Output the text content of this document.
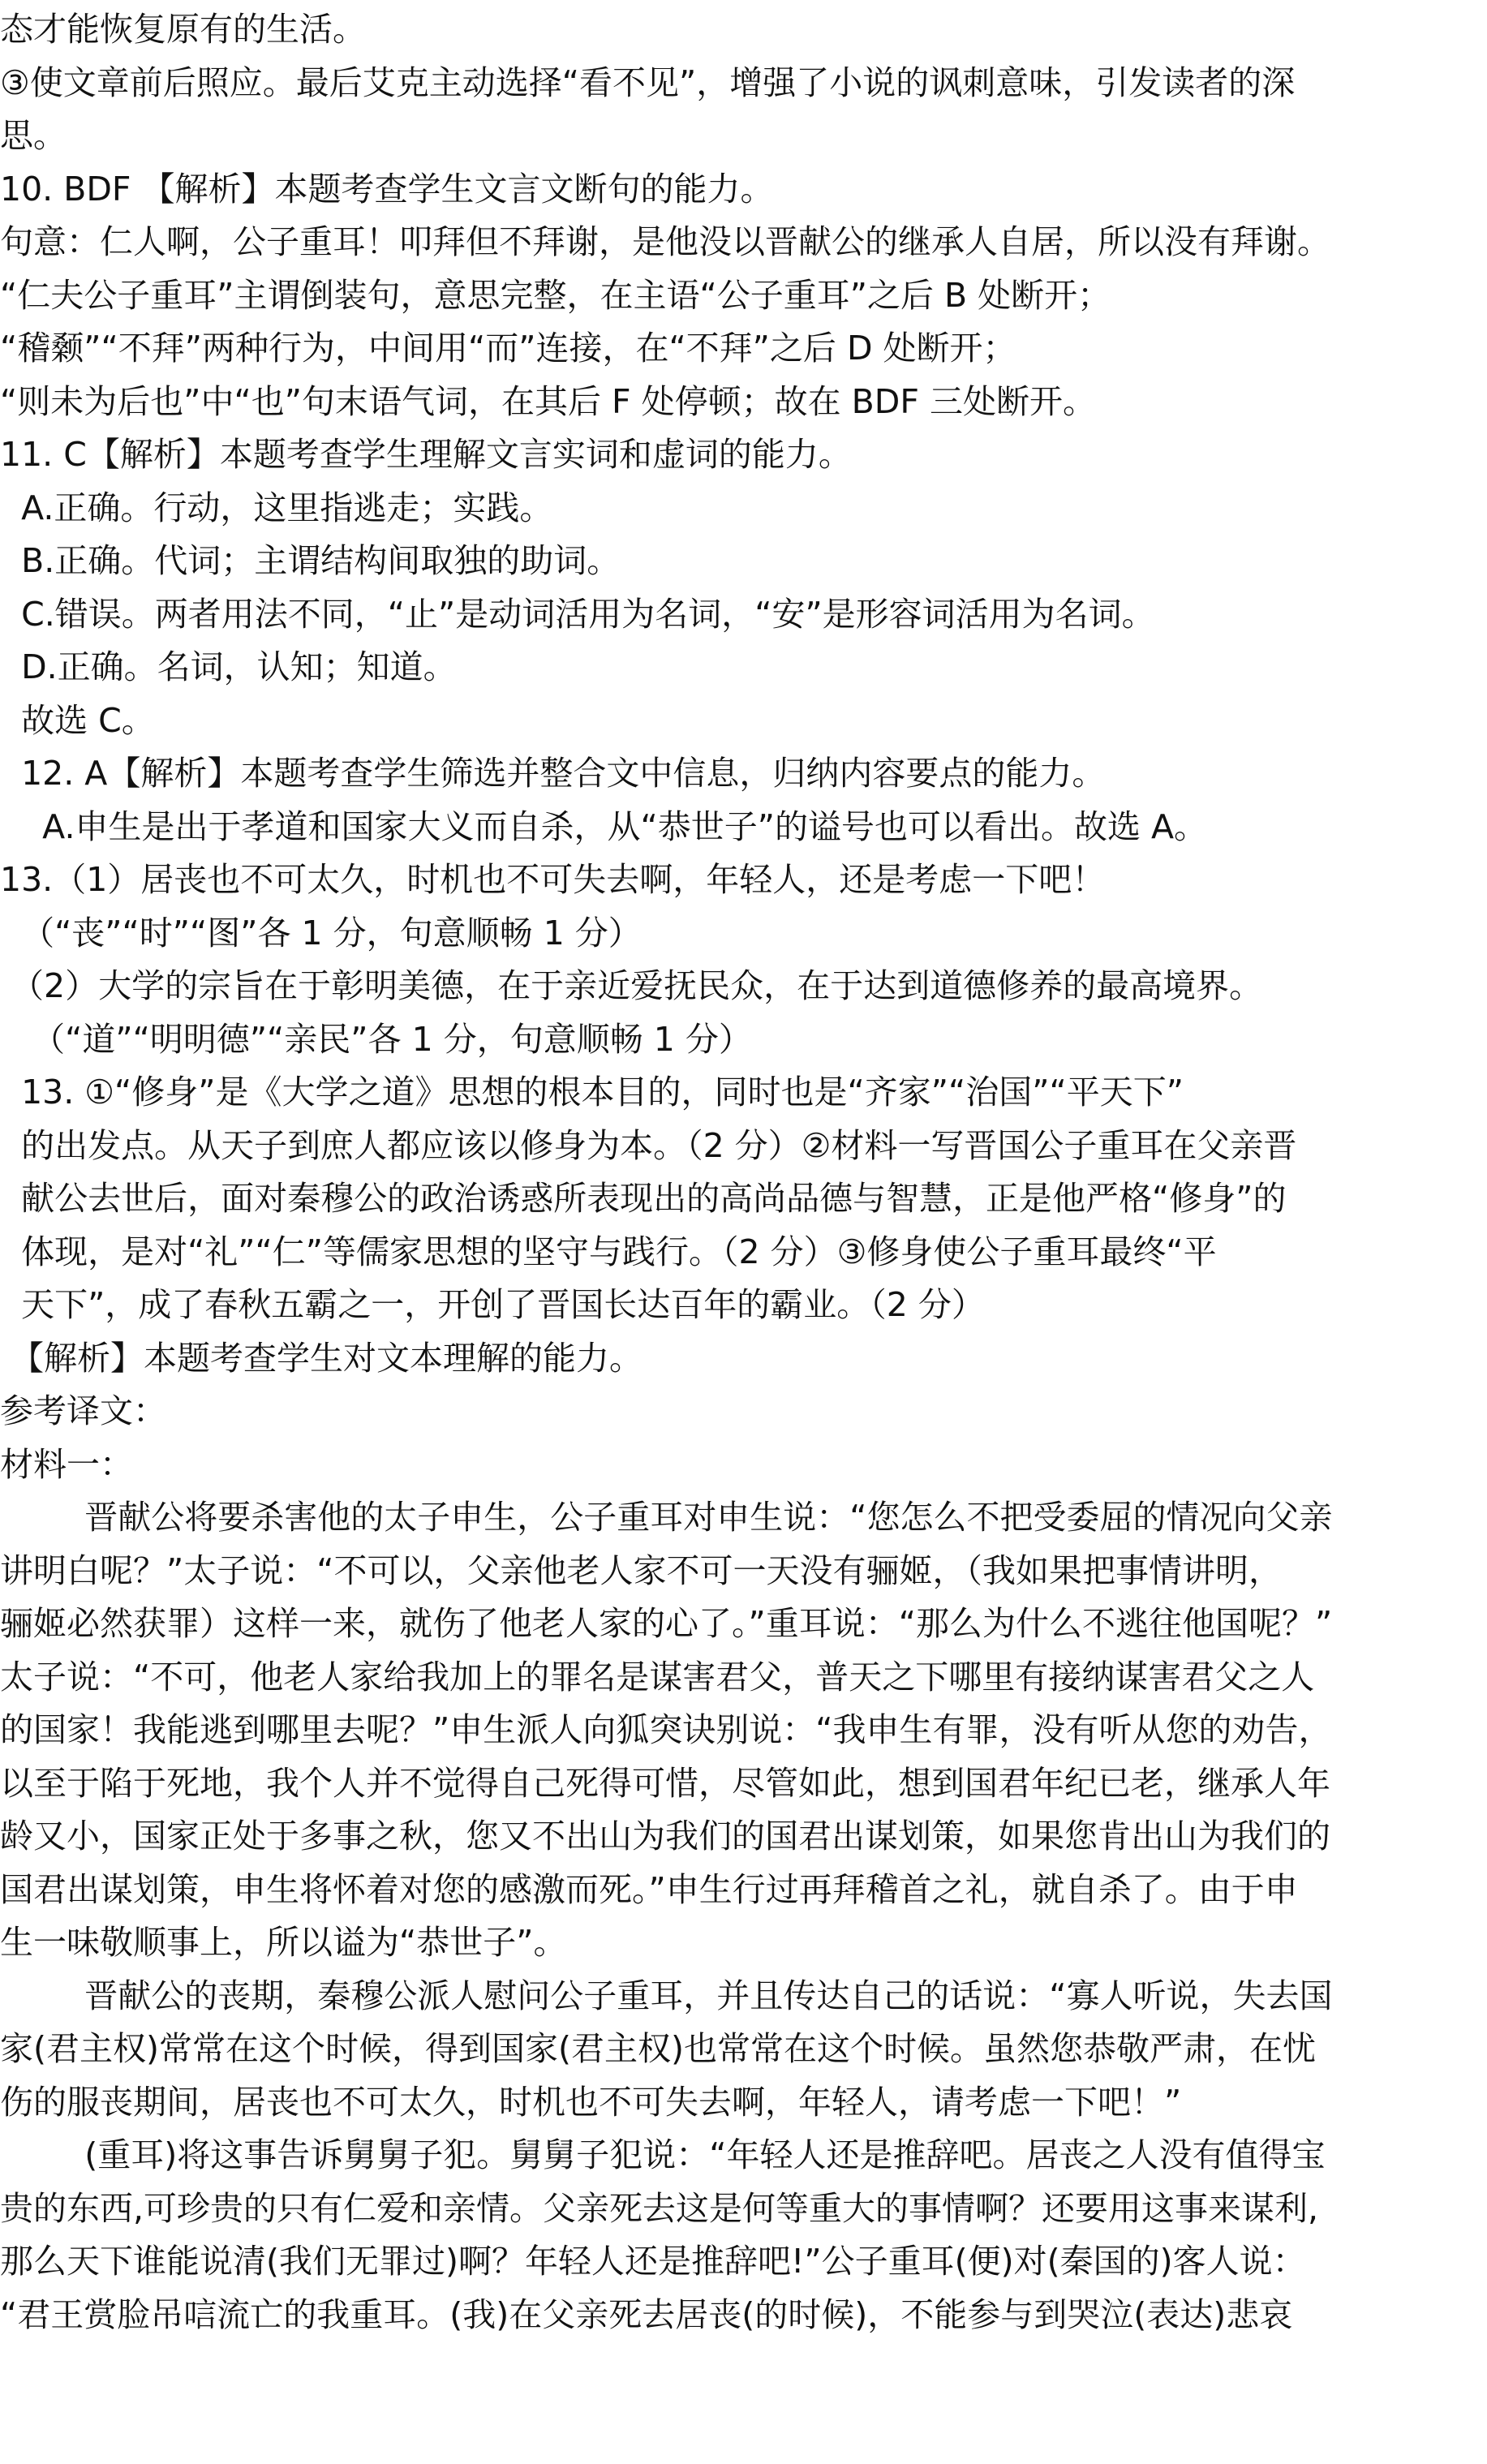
态才能恢复原有的生活。
③使文章前后照应。最后艾克主动选择“看不见”，增强了小说的讽刺意味，引发读者的深
思。
10. BDF 【解析】本题考查学生文言文断句的能力。
句意：仁人啊，公子重耳！叩拜但不拜谢，是他没以晋献公的继承人自居，所以没有拜谢。
“仁夫公子重耳”主谓倒装句，意思完整，在主语“公子重耳”之后 B 处断开；
“稽颡”“不拜”两种行为，中间用“而”连接，在“不拜”之后 D 处断开；
“则未为后也”中“也”句末语气词，在其后 F 处停顿；故在 BDF 三处断开。
11. C【解析】本题考查学生理解文言实词和虚词的能力。
A.正确。行动，这里指逃走；实践。
B.正确。代词；主谓结构间取独的助词。
C.错误。两者用法不同，“止”是动词活用为名词，“安”是形容词活用为名词。
D.正确。名词，认知；知道。
故选 C。
12. A【解析】本题考查学生筛选并整合文中信息，归纳内容要点的能力。
A.申生是出于孝道和国家大义而自杀，从“恭世子”的谥号也可以看出。故选 A。
13.（1）居丧也不可太久，时机也不可失去啊，年轻人，还是考虑一下吧！
（“丧”“时”“图”各 1 分，句意顺畅 1 分）
（2）大学的宗旨在于彰明美德，在于亲近爱抚民众，在于达到道德修养的最高境界。
（“道”“明明德”“亲民”各 1 分，句意顺畅 1 分）
13. ①“修身”是《大学之道》思想的根本目的，同时也是“齐家”“治国”“平天下”
的出发点。从天子到庶人都应该以修身为本。（2 分）②材料一写晋国公子重耳在父亲晋
献公去世后，面对秦穆公的政治诱惑所表现出的高尚品德与智慧，正是他严格“修身”的
体现，是对“礼”“仁”等儒家思想的坚守与践行。（2 分）③修身使公子重耳最终“平
天下”，成了春秋五霸之一，开创了晋国长达百年的霸业。（2 分）
【解析】本题考查学生对文本理解的能力。
参考译文：
材料一：
晋献公将要杀害他的太子申生，公子重耳对申生说：“您怎么不把受委屈的情况向父亲
讲明白呢？”太子说：“不可以，父亲他老人家不可一天没有骊姬，（我如果把事情讲明，
骊姬必然获罪）这样一来，就伤了他老人家的心了。”重耳说：“那么为什么不逃往他国呢？”
太子说：“不可，他老人家给我加上的罪名是谋害君父，普天之下哪里有接纳谋害君父之人
的国家！我能逃到哪里去呢？”申生派人向狐突诀别说：“我申生有罪，没有听从您的劝告，
以至于陷于死地，我个人并不觉得自己死得可惜，尽管如此，想到国君年纪已老，继承人年
龄又小，国家正处于多事之秋，您又不出山为我们的国君出谋划策，如果您肯出山为我们的
国君出谋划策，申生将怀着对您的感激而死。”申生行过再拜稽首之礼，就自杀了。由于申
生一味敬顺事上，所以谥为“恭世子”。
晋献公的丧期，秦穆公派人慰问公子重耳，并且传达自己的话说：“寡人听说，失去国
家(君主权)常常在这个时候，得到国家(君主权)也常常在这个时候。虽然您恭敬严肃，在忧
伤的服丧期间，居丧也不可太久，时机也不可失去啊，年轻人，请考虑一下吧！”
(重耳)将这事告诉舅舅子犯。舅舅子犯说：“年轻人还是推辞吧。居丧之人没有值得宝
贵的东西,可珍贵的只有仁爱和亲情。父亲死去这是何等重大的事情啊？还要用这事来谋利,
那么天下谁能说清(我们无罪过)啊？年轻人还是推辞吧!”公子重耳(便)对(秦国的)客人说：
“君王赏脸吊唁流亡的我重耳。(我)在父亲死去居丧(的时候)，不能参与到哭泣(表达)悲哀
